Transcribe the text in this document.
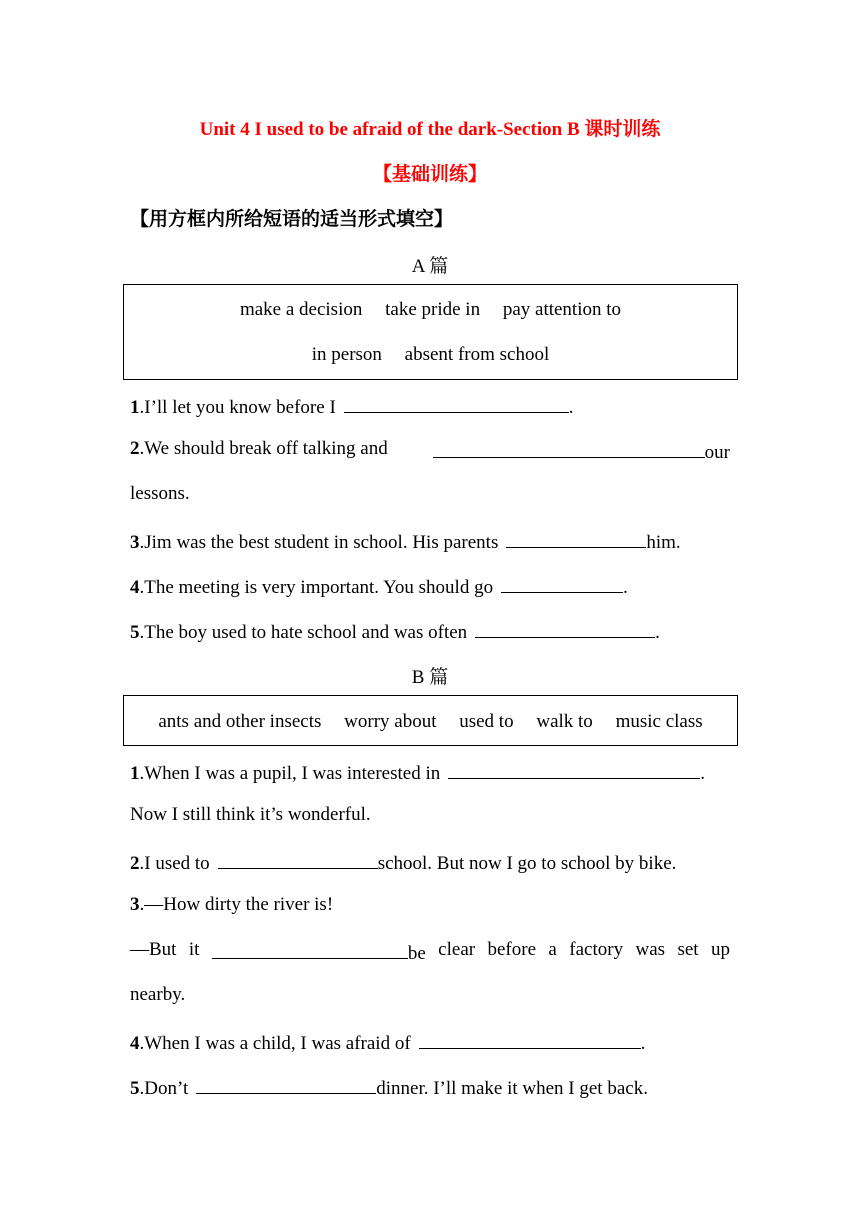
Unit 4 I used to be afraid of the dark-Section B 课时训练
【基础训练】
【用方框内所给短语的适当形式填空】
A 篇
make a decision take pride in pay attention to
in person absent from school
1.I’ll let you know before I	.
2.We should break off talking and	our
lessons.
3.Jim was the best student in school. His parents	him.
4.The meeting is very important. You should go	.
5.The boy used to hate school and was often	.
B 篇
ants and other insects worry about used to walk to music class
1.When I was a pupil, I was interested in	.
Now I still think it’s wonderful.
2.I used to	school. But now I go to school by bike.
3.—How dirty the river is!
—But it	be clear before a factory was set up
nearby.
4.When I was a child, I was afraid of	.
5.Don’t	dinner. I’ll make it when I get back.
